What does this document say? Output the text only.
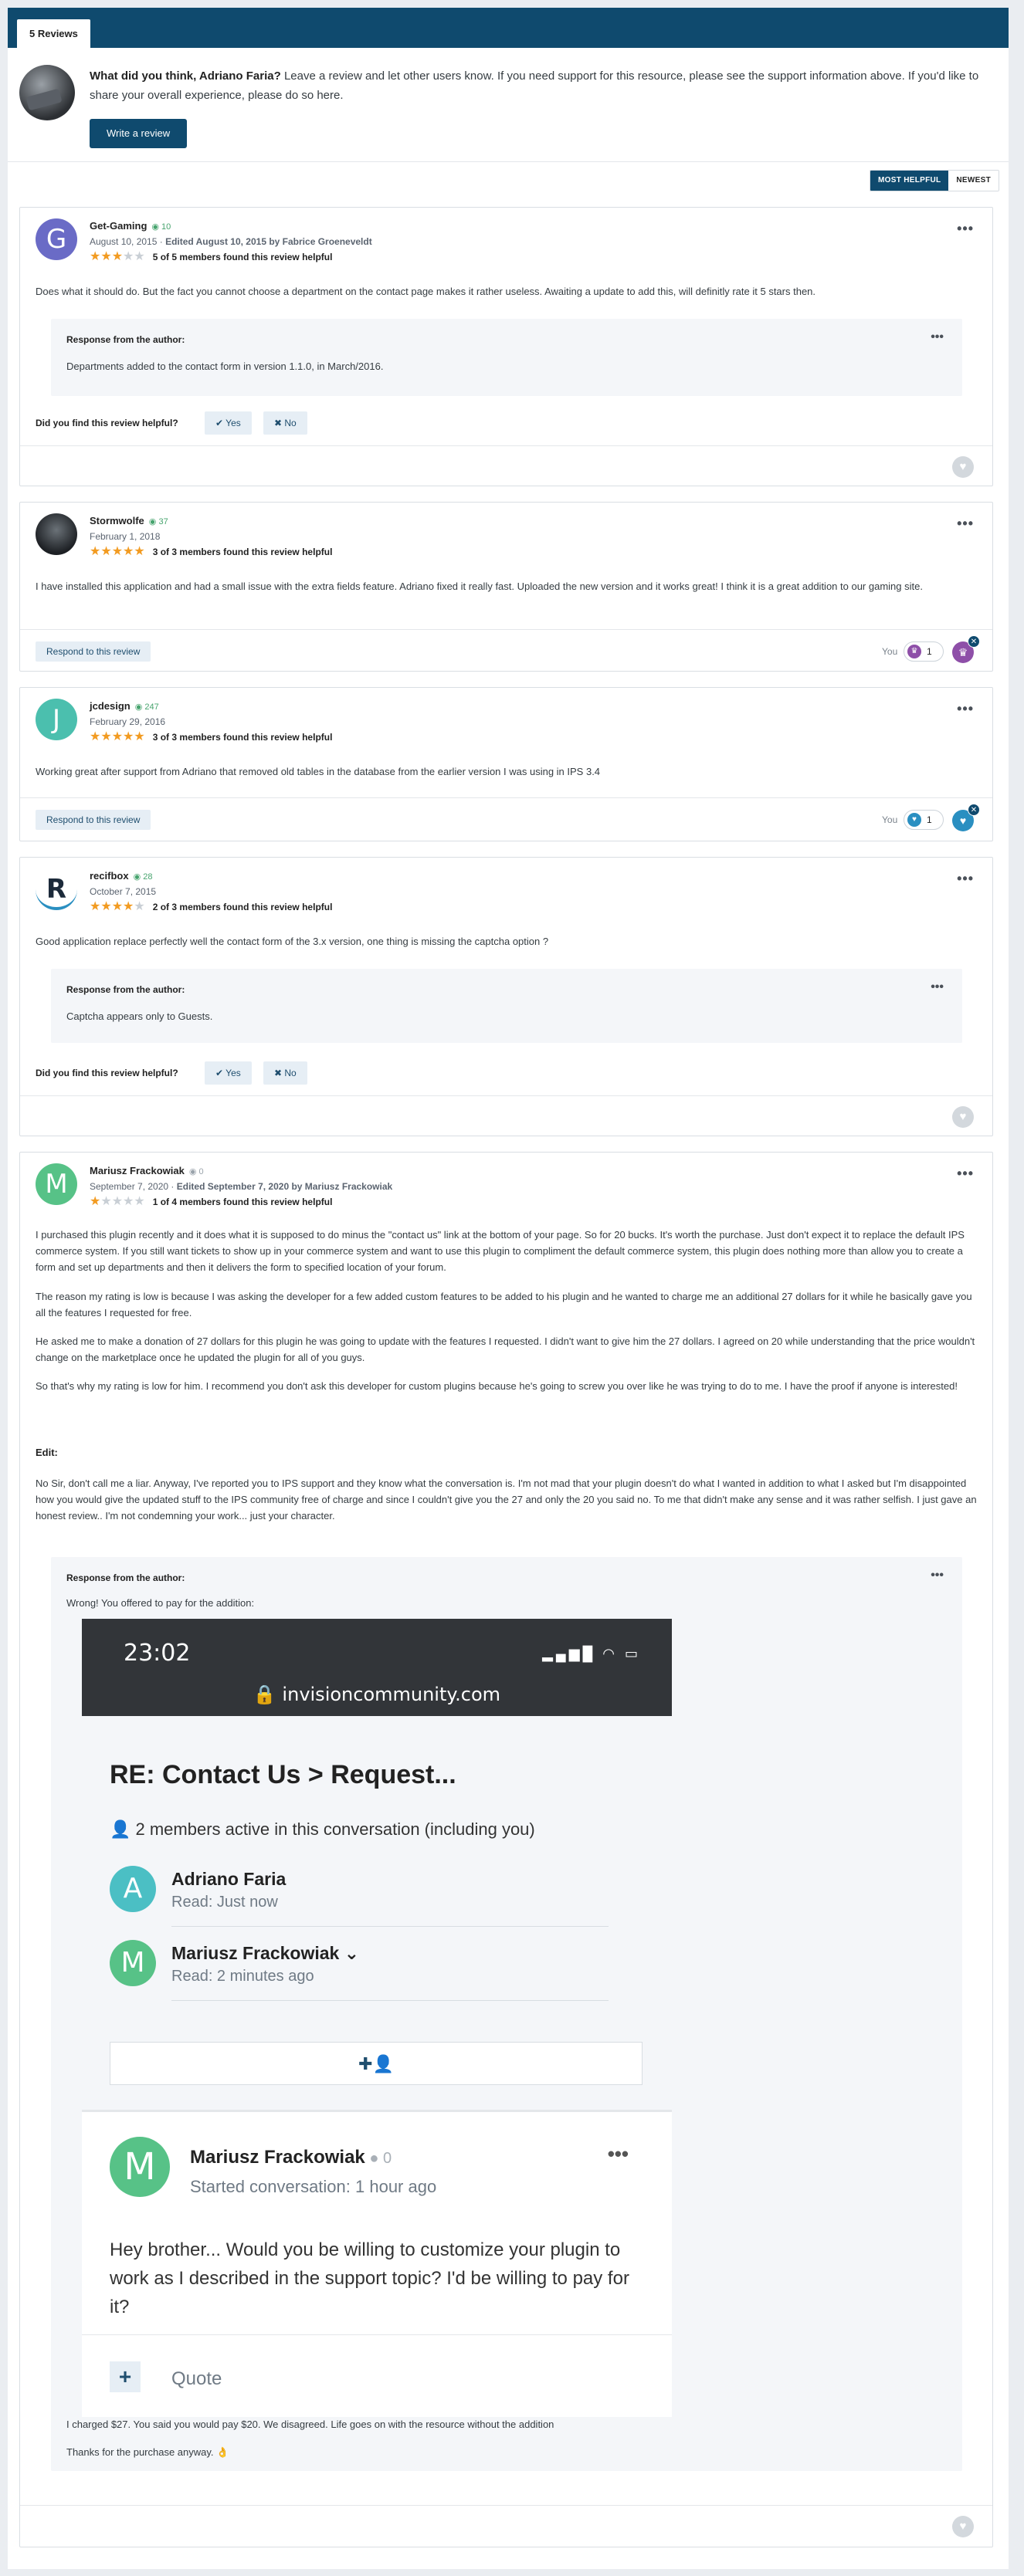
5 Reviews
What did you think, Adriano Faria? Leave a review and let other users know. If you need support for this resource, please see the support information above. If you'd like to share your overall experience, please do so here.
Write a review
MOST HELPFUL	NEWEST
G	Get-Gaming ◉ 10
August 10, 2015 · Edited August 10, 2015 by Fabrice Groeneveldt
★★★★★ 5 of 5 members found this review helpful
•••
Does what it should do. But the fact you cannot choose a department on the contact page makes it rather useless. Awaiting a update to add this, will definitly rate it 5 stars then.
Response from the author:	•••
Departments added to the contact form in version 1.1.0, in March/2016.
Did you find this review helpful?	✔ Yes	✖ No
♥
Stormwolfe ◉ 37
February 1, 2018
★★★★★ 3 of 3 members found this review helpful
•••
I have installed this application and had a small issue with the extra fields feature. Adriano fixed it really fast. Uploaded the new version and it works great! I think it is a great addition to our gaming site.
Respond to this review	You	♛ 1	♛
✕
J	jcdesign ◉ 247
February 29, 2016
★★★★★ 3 of 3 members found this review helpful
•••
Working great after support from Adriano that removed old tables in the database from the earlier version I was using in IPS 3.4
Respond to this review	You	♥	1	♥
✕
R	recifbox ◉ 28
October 7, 2015
★★★★★ 2 of 3 members found this review helpful
•••
Good application replace perfectly well the contact form of the 3.x version, one thing is missing the captcha option ?
Response from the author:	•••
Captcha appears only to Guests.
Did you find this review helpful?	✔ Yes	✖ No
♥
M	Mariusz Frackowiak ◉ 0
September 7, 2020 · Edited September 7, 2020 by Mariusz Frackowiak
★★★★★ 1 of 4 members found this review helpful
•••
I purchased this plugin recently and it does what it is supposed to do minus the "contact us" link at the bottom of your page. So for 20 bucks. It's worth the purchase. Just don't expect it to replace the default IPS commerce system. If you still want tickets to show up in your commerce system and want to use this plugin to compliment the default commerce system, this plugin does nothing more than allow you to create a form and set up departments and then it delivers the form to specified location of your forum.
The reason my rating is low is because I was asking the developer for a few added custom features to be added to his plugin and he wanted to charge me an additional 27 dollars for it while he basically gave you all the features I requested for free.
He asked me to make a donation of 27 dollars for this plugin he was going to update with the features I requested. I didn't want to give him the 27 dollars. I agreed on 20 while understanding that the price wouldn't change on the marketplace once he updated the plugin for all of you guys.
So that's why my rating is low for him. I recommend you don't ask this developer for custom plugins because he's going to screw you over like he was trying to do to me. I have the proof if anyone is interested!
Edit:
No Sir, don't call me a liar. Anyway, I've reported you to IPS support and they know what the conversation is. I'm not mad that your plugin doesn't do what I wanted in addition to what I asked but I'm disappointed how you would give the updated stuff to the IPS community free of charge and since I couldn't give you the 27 and only the 20 you said no. To me that didn't make any sense and it was rather selfish. I just gave an honest review.. I'm not condemning your work... just your character.
Response from the author:	•••
Wrong! You offered to pay for the addition:
23:02	▂▄▆█ ◠ ▭
🔒 invisioncommunity.com
RE: Contact Us > Request...
👤 2 members active in this conversation (including you)
A	Adriano Faria
Read: Just now
M	Mariusz Frackowiak ⌄
Read: 2 minutes ago
✚👤
M	Mariusz Frackowiak ● 0
Started conversation: 1 hour ago
•••
Hey brother... Would you be willing to customize your plugin to work as I described in the support topic? I'd be willing to pay for it?
+	Quote
I charged $27. You said you would pay $20. We disagreed. Life goes on with the resource without the addition
Thanks for the purchase anyway. 👌
♥
